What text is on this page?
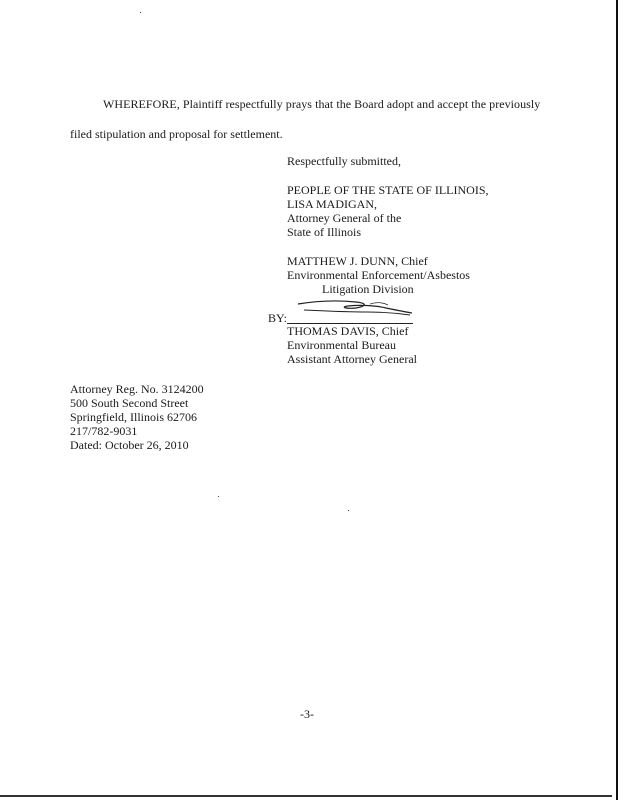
WHEREFORE, Plaintiff respectfully prays that the Board adopt and accept the previously
filed stipulation and proposal for settlement.
Respectfully submitted,
PEOPLE OF THE STATE OF ILLINOIS,
LISA MADIGAN,
Attorney General of the
State of Illinois
MATTHEW J. DUNN, Chief
Environmental Enforcement/Asbestos
Litigation Division
BY:
THOMAS DAVIS, Chief
Environmental Bureau
Assistant Attorney General
Attorney Reg. No. 3124200
500 South Second Street
Springfield, Illinois 62706
217/782-9031
Dated: October 26, 2010
-3-
